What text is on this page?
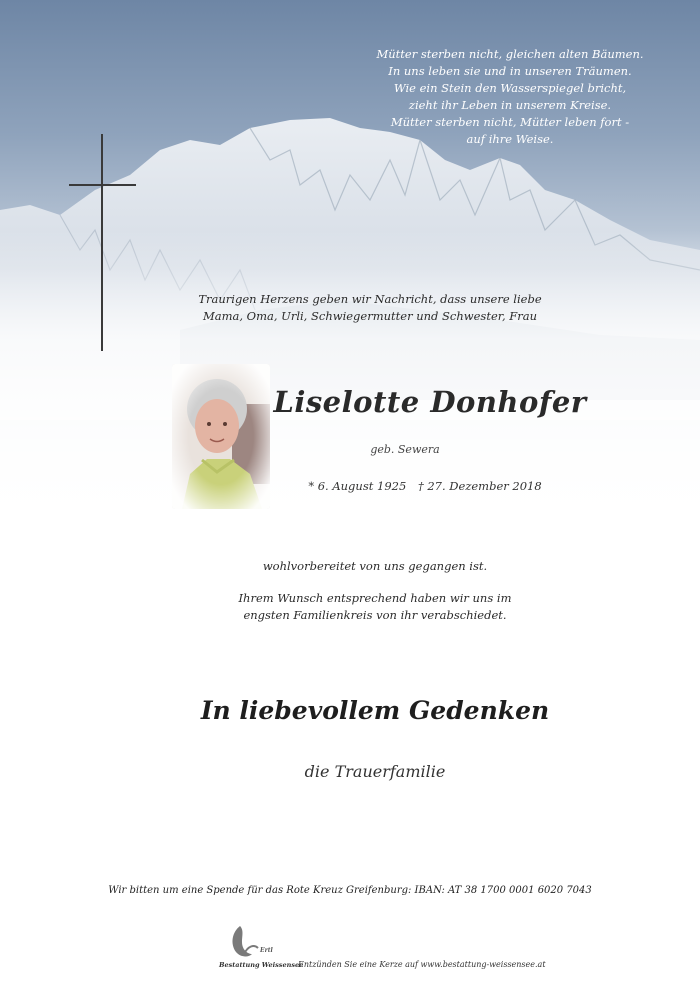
Mütter sterben nicht, gleichen alten Bäumen.
In uns leben sie und in unseren Träumen.
Wie ein Stein den Wasserspiegel bricht,
zieht ihr Leben in unserem Kreise.
Mütter sterben nicht, Mütter leben fort -
auf ihre Weise.
Traurigen Herzens geben wir Nachricht, dass unsere liebe
Mama, Oma, Urli, Schwiegermutter und Schwester, Frau
Liselotte Donhofer
geb. Sewera
* 6. August 1925 † 27. Dezember 2018
wohlvorbereitet von uns gegangen ist.
Ihrem Wunsch entsprechend haben wir uns im
engsten Familienkreis von ihr verabschiedet.
In liebevollem Gedenken
die Trauerfamilie
Wir bitten um eine Spende für das Rote Kreuz Greifenburg: IBAN: AT 38 1700 0001 6020 7043
Ertl
Bestattung Weissensee
Entzünden Sie eine Kerze auf www.bestattung-weissensee.at
